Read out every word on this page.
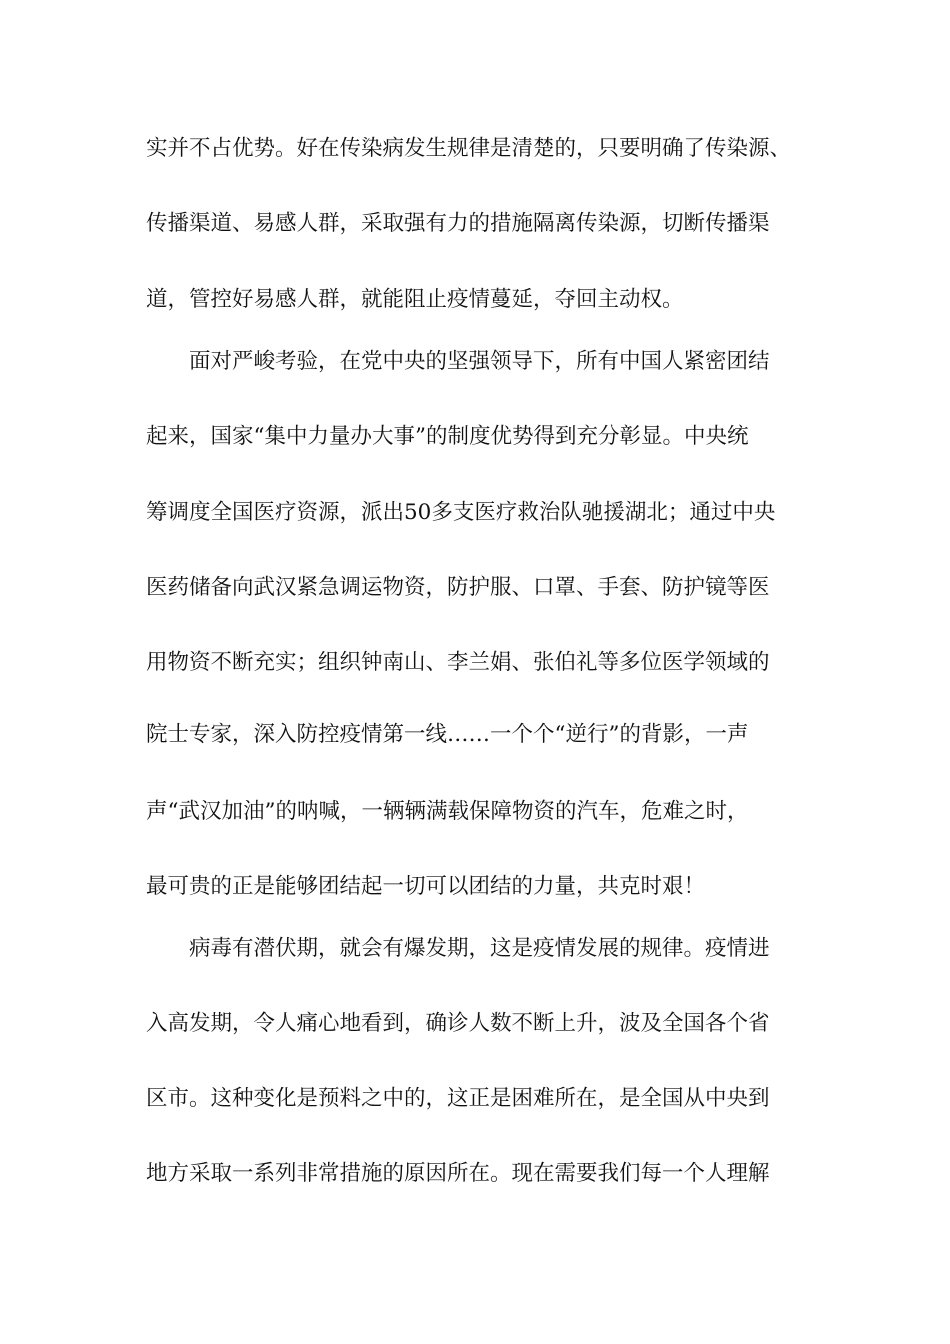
实并不占优势。好在传染病发生规律是清楚的，只要明确了传染源、
传播渠道、易感人群，采取强有力的措施隔离传染源，切断传播渠
道，管控好易感人群，就能阻止疫情蔓延，夺回主动权。
面对严峻考验，在党中央的坚强领导下，所有中国人紧密团结
起来，国家“集中力量办大事”的制度优势得到充分彰显。中央统
筹调度全国医疗资源，派出50多支医疗救治队驰援湖北；通过中央
医药储备向武汉紧急调运物资，防护服、口罩、手套、防护镜等医
用物资不断充实；组织钟南山、李兰娟、张伯礼等多位医学领域的
院士专家，深入防控疫情第一线……一个个“逆行”的背影，一声
声“武汉加油”的呐喊，一辆辆满载保障物资的汽车，危难之时，
最可贵的正是能够团结起一切可以团结的力量，共克时艰！
病毒有潜伏期，就会有爆发期，这是疫情发展的规律。疫情进
入高发期，令人痛心地看到，确诊人数不断上升，波及全国各个省
区市。这种变化是预料之中的，这正是困难所在，是全国从中央到
地方采取一系列非常措施的原因所在。现在需要我们每一个人理解
